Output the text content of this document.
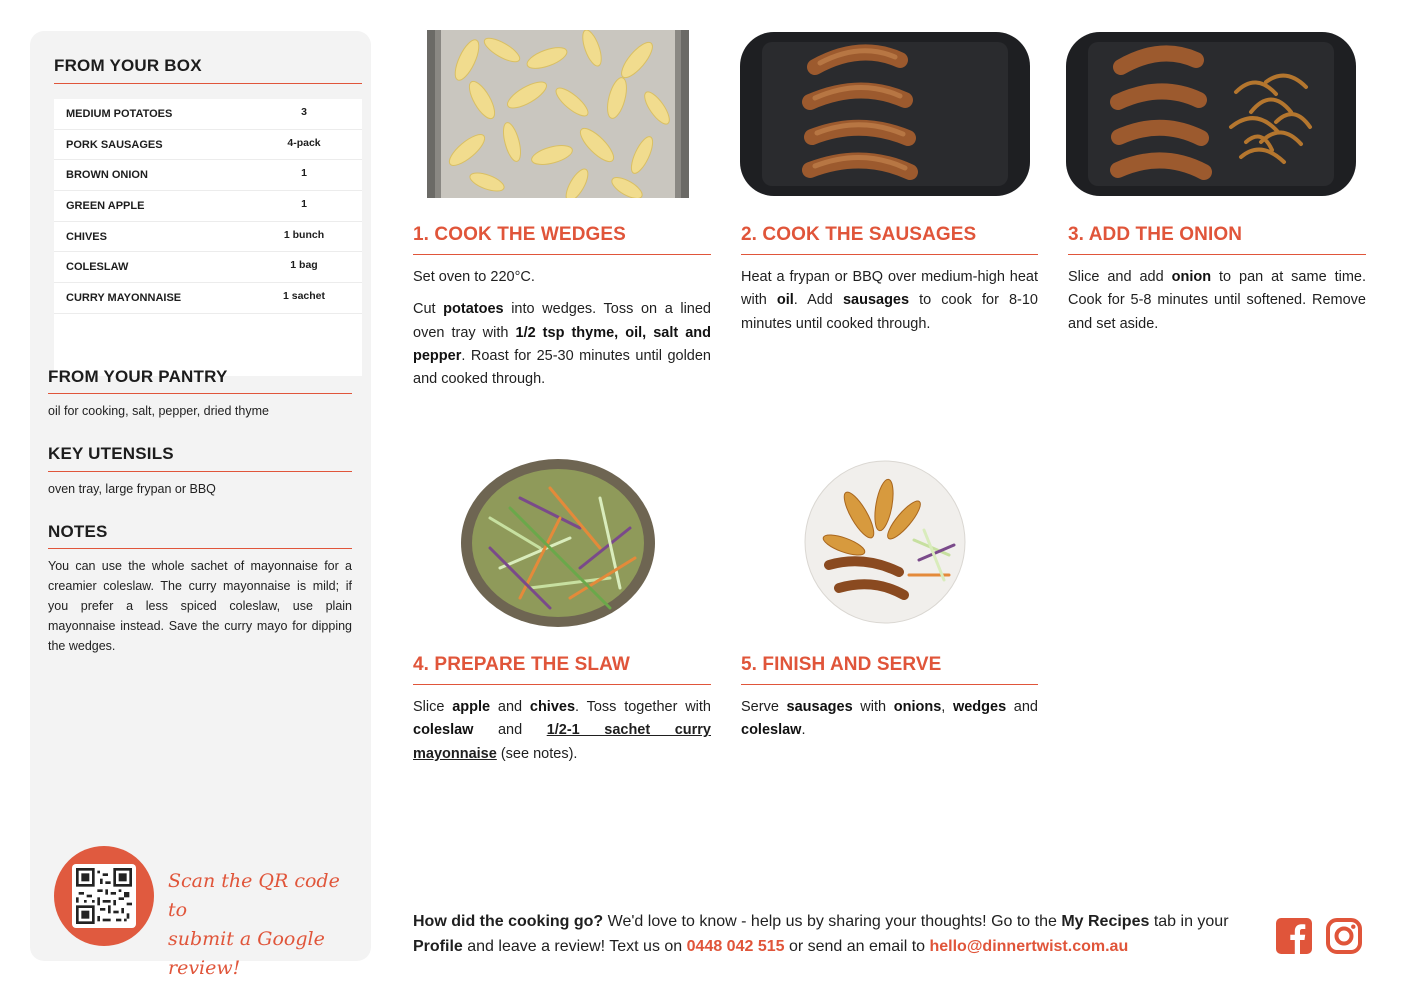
FROM YOUR BOX
MEDIUM POTATOES	3
PORK SAUSAGES	4-pack
BROWN ONION	1
GREEN APPLE	1
CHIVES	1 bunch
COLESLAW	1 bag
CURRY MAYONNAISE	1 sachet
FROM YOUR PANTRY
oil for cooking, salt, pepper, dried thyme
KEY UTENSILS
oven tray, large frypan or BBQ
NOTES
You can use the whole sachet of mayonnaise for a creamier coleslaw. The curry mayonnaise is mild; if you prefer a less spiced coleslaw, use plain mayonnaise instead. Save the curry mayo for dipping the wedges.
Scan the QR code to
submit a Google review!
1. COOK THE WEDGES

Set oven to 220°C.

Cut potatoes into wedges. Toss on a lined oven tray with 1/2 tsp thyme, oil, salt and pepper. Roast for 25-30 minutes until golden and cooked through.

2. COOK THE SAUSAGES

Heat a frypan or BBQ over medium-high heat with oil. Add sausages to cook for 8-10 minutes until cooked through.

3. ADD THE ONION

Slice and add onion to pan at same time. Cook for 5-8 minutes until softened. Remove and set aside.

4. PREPARE THE SLAW

Slice apple and chives. Toss together with coleslaw and 1/2-1 sachet curry mayonnaise (see notes).

5. FINISH AND SERVE

Serve sausages with onions, wedges and coleslaw.

How did the cooking go? We'd love to know - help us by sharing your thoughts! Go to the My Recipes tab in your Profile and leave a review! Text us on 0448 042 515 or send an email to hello@dinnertwist.com.au
